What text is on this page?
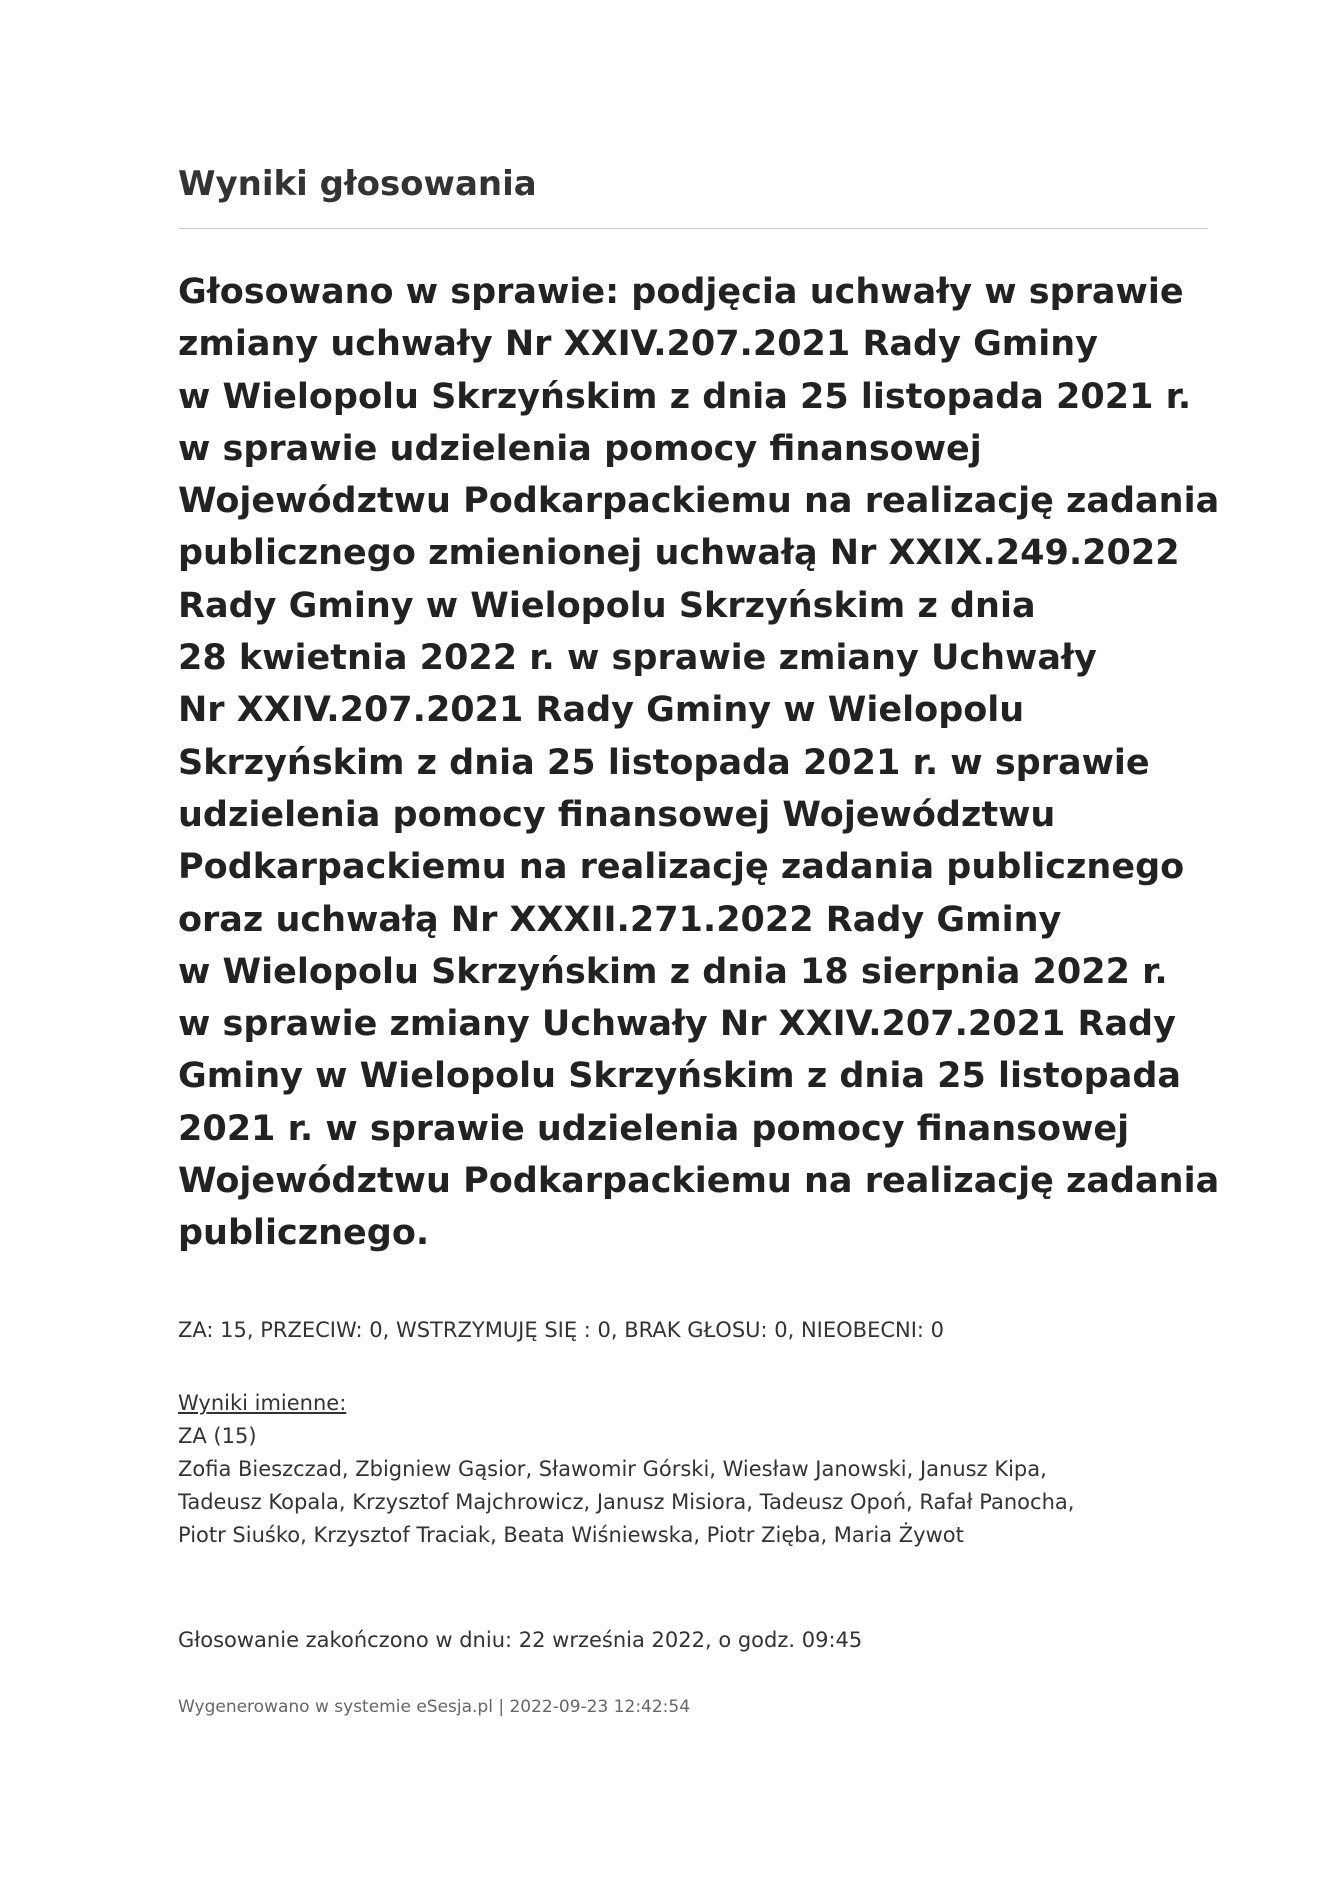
Wyniki głosowania

Głosowano w sprawie: podjęcia uchwały w sprawie
zmiany uchwały Nr XXIV.207.2021 Rady Gminy
w Wielopolu Skrzyńskim z dnia 25 listopada 2021 r.
w sprawie udzielenia pomocy finansowej
Województwu Podkarpackiemu na realizację zadania
publicznego zmienionej uchwałą Nr XXIX.249.2022
Rady Gminy w Wielopolu Skrzyńskim z dnia
28 kwietnia 2022 r. w sprawie zmiany Uchwały
Nr XXIV.207.2021 Rady Gminy w Wielopolu
Skrzyńskim z dnia 25 listopada 2021 r. w sprawie
udzielenia pomocy finansowej Województwu
Podkarpackiemu na realizację zadania publicznego
oraz uchwałą Nr XXXII.271.2022 Rady Gminy
w Wielopolu Skrzyńskim z dnia 18 sierpnia 2022 r.
w sprawie zmiany Uchwały Nr XXIV.207.2021 Rady
Gminy w Wielopolu Skrzyńskim z dnia 25 listopada
2021 r. w sprawie udzielenia pomocy finansowej
Województwu Podkarpackiemu na realizację zadania
publicznego.

ZA: 15, PRZECIW: 0, WSTRZYMUJĘ SIĘ : 0, BRAK GŁOSU: 0, NIEOBECNI: 0
Wyniki imienne:
ZA (15)
Zofia Bieszczad, Zbigniew Gąsior, Sławomir Górski, Wiesław Janowski, Janusz Kipa,
Tadeusz Kopala, Krzysztof Majchrowicz, Janusz Misiora, Tadeusz Opoń, Rafał Panocha,
Piotr Siuśko, Krzysztof Traciak, Beata Wiśniewska, Piotr Zięba, Maria Żywot
Głosowanie zakończono w dniu: 22 września 2022, o godz. 09:45
Wygenerowano w systemie eSesja.pl | 2022-09-23 12:42:54
